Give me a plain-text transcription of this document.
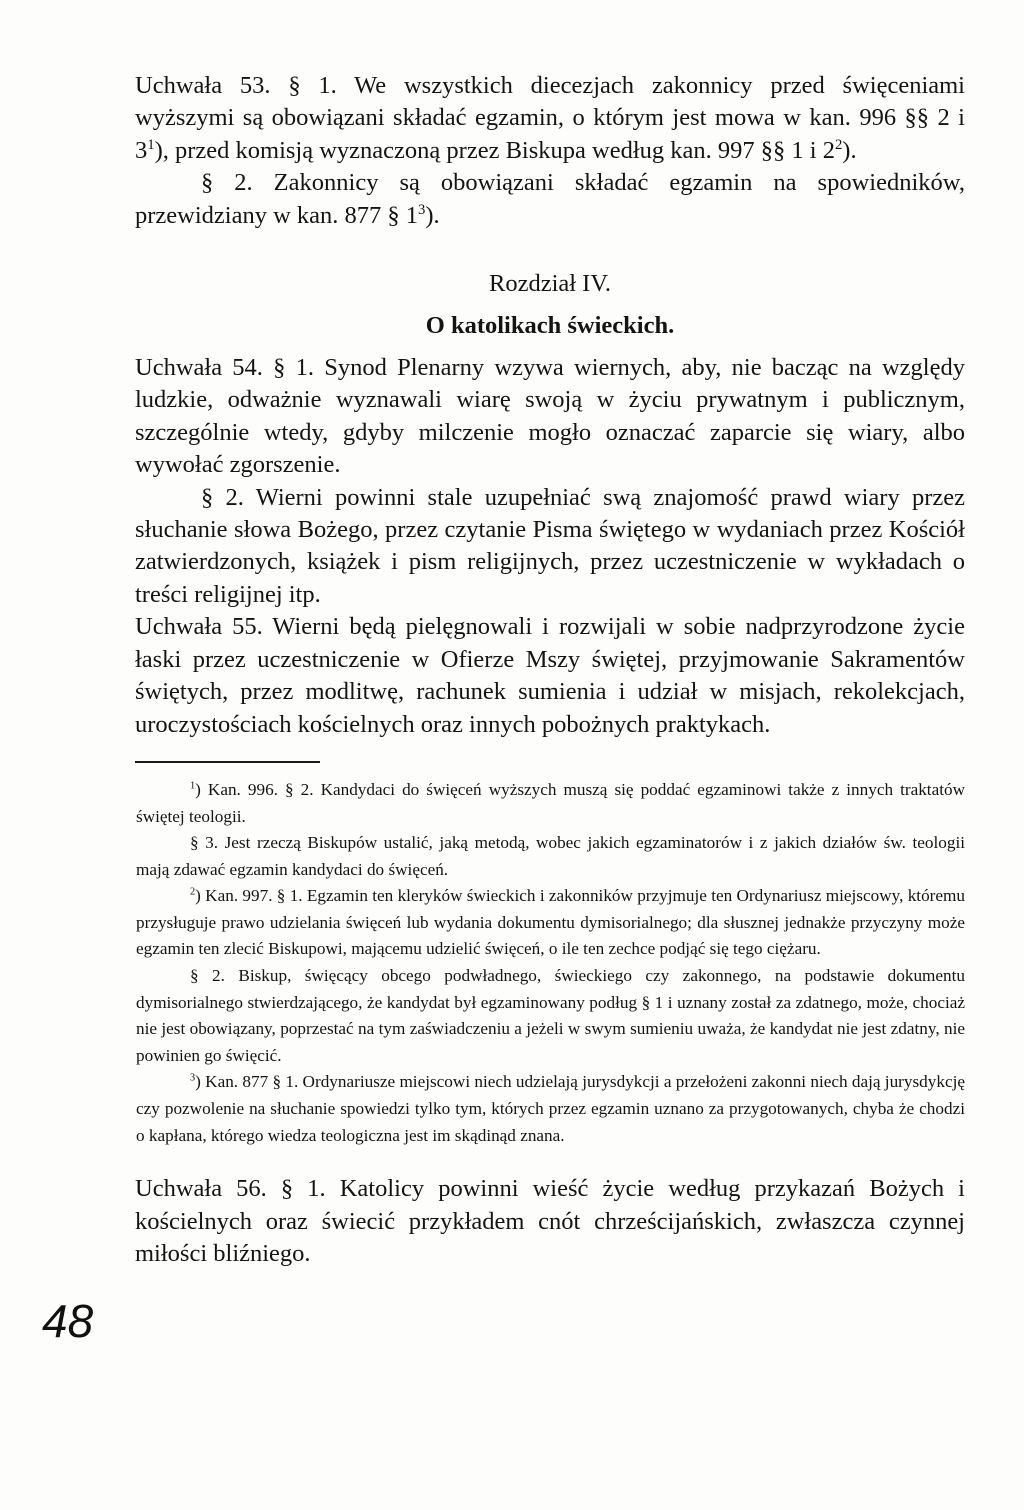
Uchwała 53. § 1. We wszystkich diecezjach zakonnicy przed święceniami wyższymi są obowiązani składać egzamin, o którym jest mowa w kan. 996 §§ 2 i $3^1$), przed komisją wyznaczoną przez Biskupa według kan. 997 §§ 1 i $2^2$).

§ 2. Zakonnicy są obowiązani składać egzamin na spowiedników, przewidziany w kan. 877 § $1^3$).

Rozdział IV.

O katolikach świeckich.

Uchwała 54. § 1. Synod Plenarny wzywa wiernych, aby, nie bacząc na względy ludzkie, odważnie wyznawali wiarę swoją w życiu prywatnym i publicznym, szczególnie wtedy, gdyby milczenie mogło oznaczać zaparcie się wiary, albo wywołać zgorszenie.

§ 2. Wierni powinni stale uzupełniać swą znajomość prawd wiary przez słuchanie słowa Bożego, przez czytanie Pisma świętego w wydaniach przez Kościół zatwierdzonych, książek i pism religijnych, przez uczestniczenie w wykładach o treści religijnej itp.

Uchwała 55. Wierni będą pielęgnowali i rozwijali w sobie nadprzyrodzone życie łaski przez uczestniczenie w Ofierze Mszy świętej, przyjmowanie Sakramentów świętych, przez modlitwę, rachunek sumienia i udział w misjach, rekolekcjach, uroczystościach kościelnych oraz innych pobożnych praktykach.

$^1$) Kan. 996. § 2. Kandydaci do święceń wyższych muszą się poddać egzaminowi także z innych traktatów świętej teologii.

§ 3. Jest rzeczą Biskupów ustalić, jaką metodą, wobec jakich egzaminatorów i z jakich działów św. teologii mają zdawać egzamin kandydaci do święceń.

$^2$) Kan. 997. § 1. Egzamin ten kleryków świeckich i zakonników przyjmuje ten Ordynariusz miejscowy, któremu przysługuje prawo udzielania święceń lub wydania dokumentu dymisorialnego; dla słusznej jednakże przyczyny może egzamin ten zlecić Biskupowi, mającemu udzielić święceń, o ile ten zechce podjąć się tego ciężaru.

§ 2. Biskup, święcący obcego podwładnego, świeckiego czy zakonnego, na podstawie dokumentu dymisorialnego stwierdzającego, że kandydat był egzaminowany podług § 1 i uznany został za zdatnego, może, chociaż nie jest obowiązany, poprzestać na tym zaświadczeniu a jeżeli w swym sumieniu uważa, że kandydat nie jest zdatny, nie powinien go święcić.

$^3$) Kan. 877 § 1. Ordynariusze miejscowi niech udzielają jurysdykcji a przełożeni zakonni niech dają jurysdykcję czy pozwolenie na słuchanie spowiedzi tylko tym, których przez egzamin uznano za przygotowanych, chyba że chodzi o kapłana, którego wiedza teologiczna jest im skądinąd znana.

Uchwała 56. § 1. Katolicy powinni wieść życie według przykazań Bożych i kościelnych oraz świecić przykładem cnót chrześcijańskich, zwłaszcza czynnej miłości bliźniego.

48
